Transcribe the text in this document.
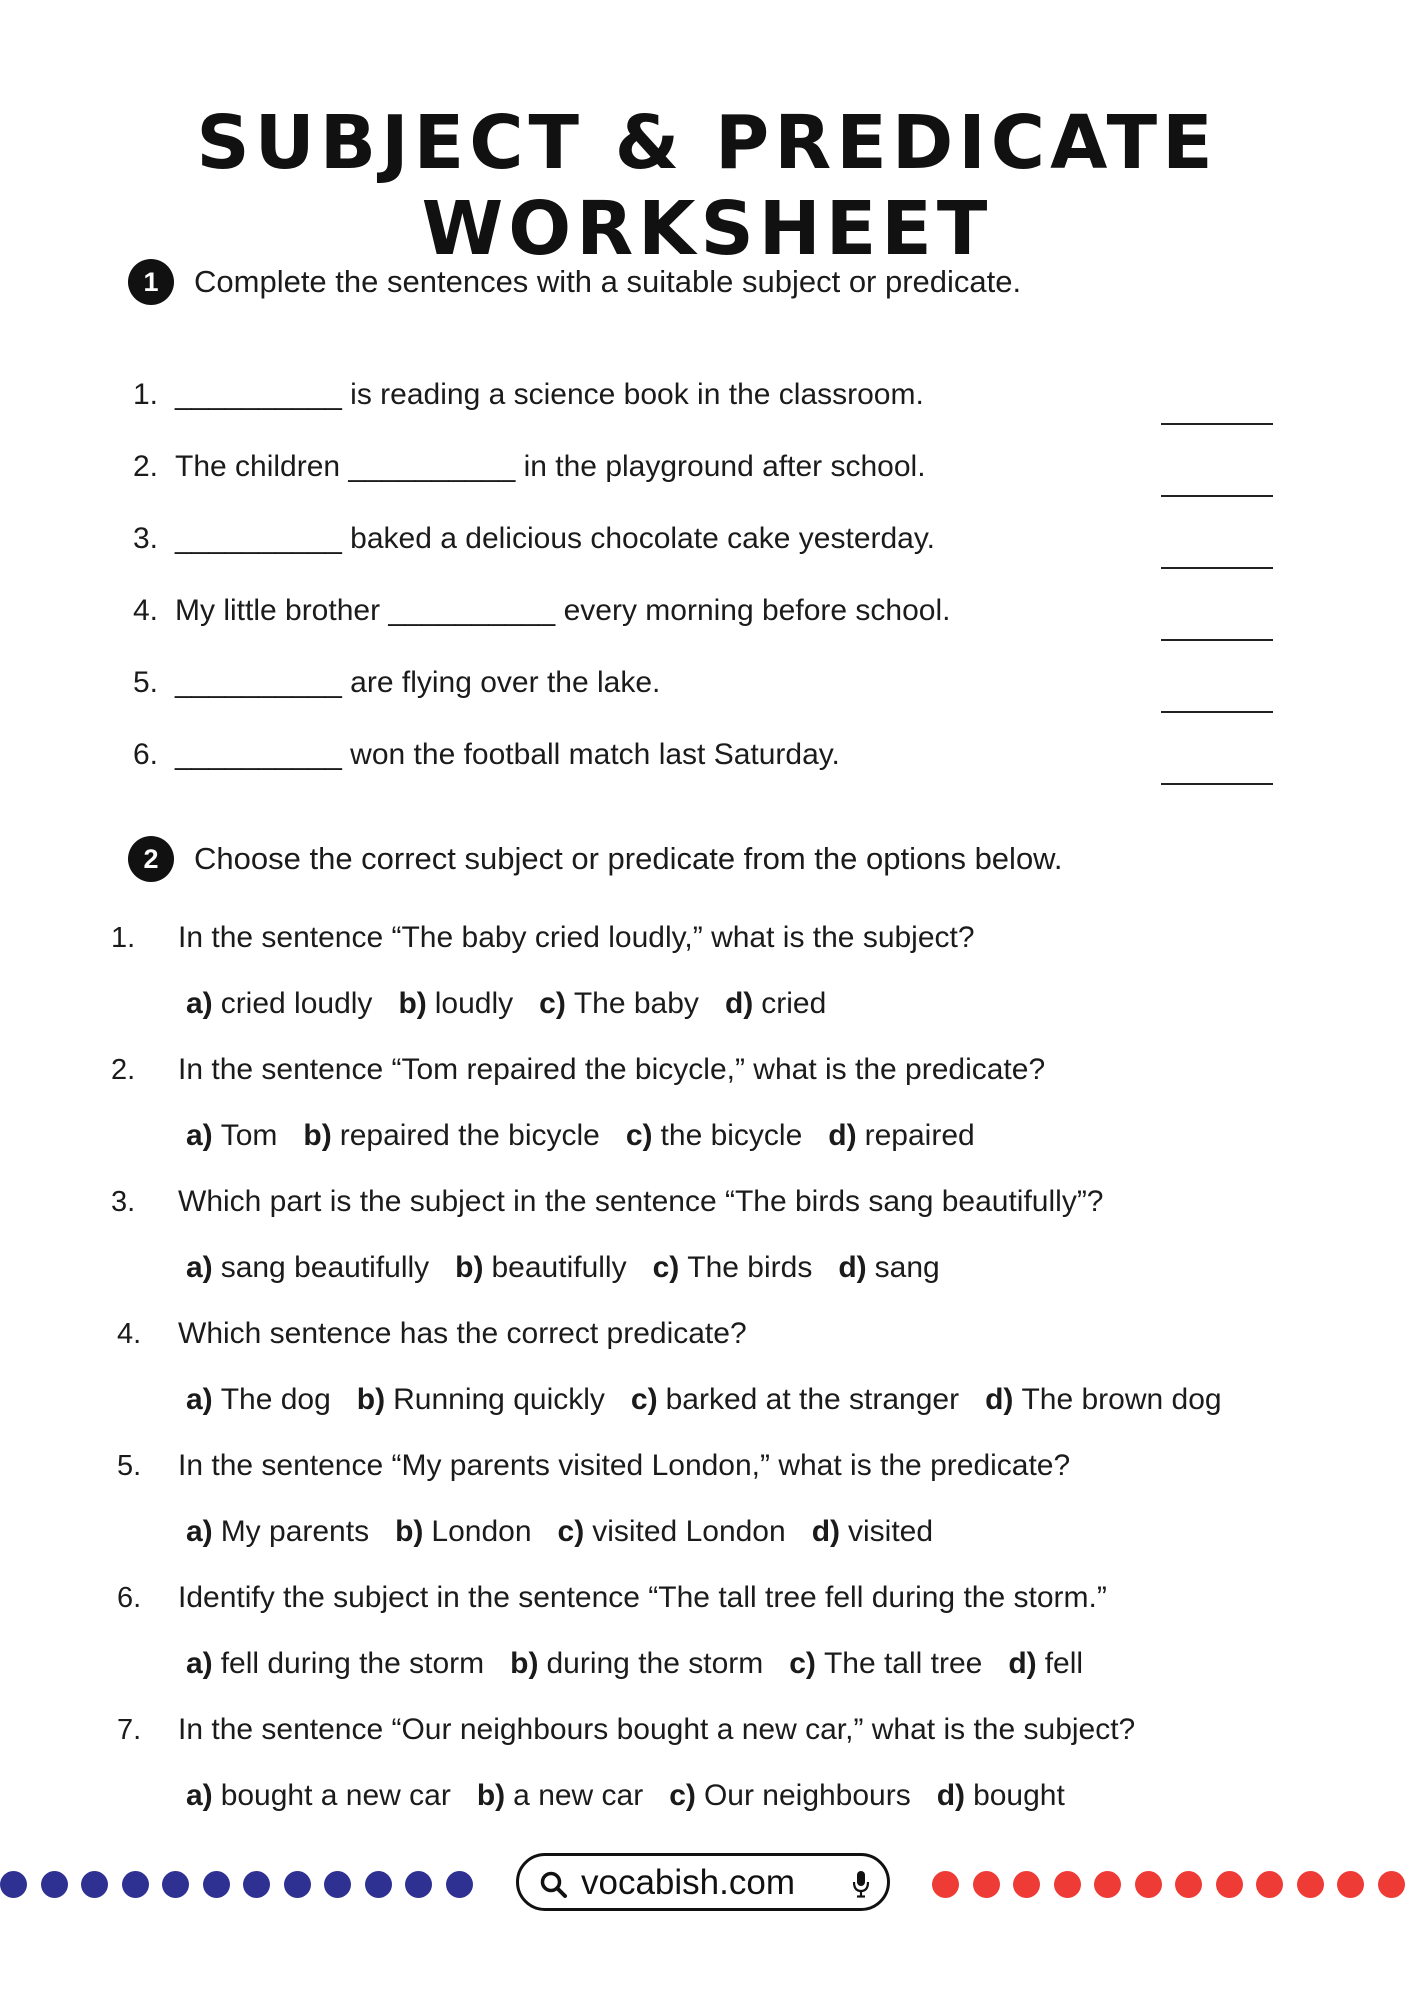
SUBJECT & PREDICATE WORKSHEET
1	Complete the sentences with a suitable subject or predicate.
1. __________ is reading a science book in the classroom.
2. The children __________ in the playground after school.
3. __________ baked a delicious chocolate cake yesterday.
4. My little brother __________ every morning before school.
5. __________ are flying over the lake.
6. __________ won the football match last Saturday.
2	Choose the correct subject or predicate from the options below.
1. In the sentence “The baby cried loudly,” what is the subject?
a) cried loudly b) loudly c) The baby d) cried
2. In the sentence “Tom repaired the bicycle,” what is the predicate?
a) Tom b) repaired the bicycle c) the bicycle d) repaired
3. Which part is the subject in the sentence “The birds sang beautifully”?
a) sang beautifully b) beautifully c) The birds d) sang
4. Which sentence has the correct predicate?
a) The dog b) Running quickly c) barked at the stranger d) The brown dog
5. In the sentence “My parents visited London,” what is the predicate?
a) My parents b) London c) visited London d) visited
6. Identify the subject in the sentence “The tall tree fell during the storm.”
a) fell during the storm b) during the storm c) The tall tree d) fell
7. In the sentence “Our neighbours bought a new car,” what is the subject?
a) bought a new car b) a new car c) Our neighbours d) bought
vocabish.com
